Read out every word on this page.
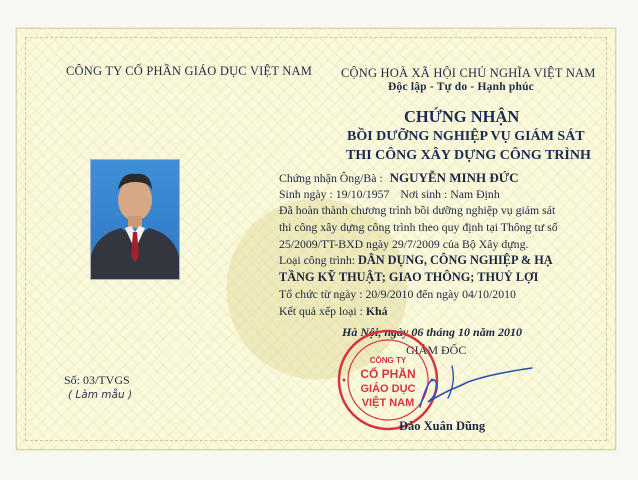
CÔNG TY CỔ PHẦN GIÁO DỤC VIỆT NAM CỘNG HOÀ XÃ HỘI CHỦ NGHĨA VIỆT NAM
Độc lập - Tự do - Hạnh phúc
CHỨNG NHẬN
BỒI DƯỠNG NGHIỆP VỤ GIÁM SÁT
THI CÔNG XÂY DỰNG CÔNG TRÌNH
Chứng nhận Ông/Bà : NGUYỄN MINH ĐỨC
Sinh ngày : 19/10/1957 Nơi sinh : Nam Định
Đã hoàn thành chương trình bồi dưỡng nghiệp vụ giám sát
thi công xây dựng công trình theo quy định tại Thông tư số
25/2009/TT-BXD ngày 29/7/2009 của Bộ Xây dựng.
Loại công trình: DÂN DỤNG, CÔNG NGHIỆP & HẠ
TẦNG KỸ THUẬT; GIAO THÔNG; THUỶ LỢI
Tổ chức từ ngày : 20/9/2010 đến ngày 04/10/2010
Kết quả xếp loại : Khá
Hà Nội, ngày 06 tháng 10 năm 2010
GIÁM ĐỐC
CÔNG TY
CỔ PHẦN
GIÁO DỤC
VIỆT NAM
Đào Xuân Dũng
Số: 03/TVGS
( Làm mẫu )
